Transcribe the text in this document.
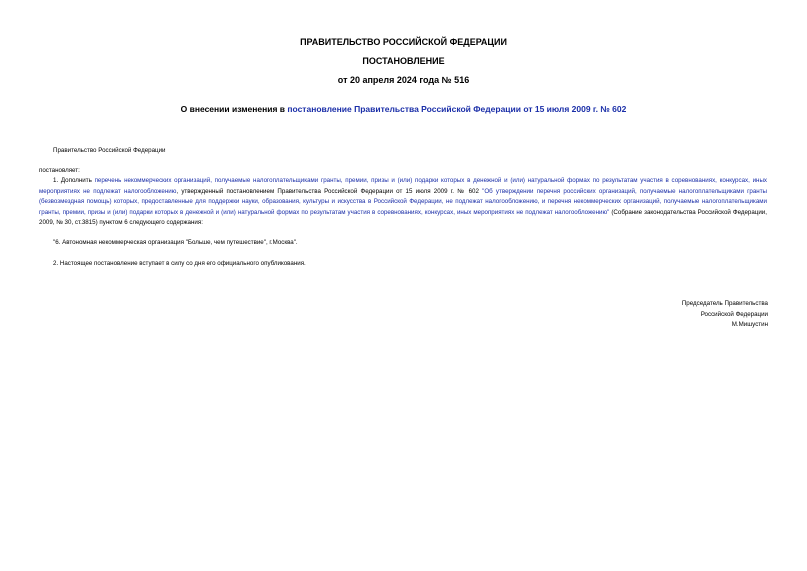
ПРАВИТЕЛЬСТВО РОССИЙСКОЙ ФЕДЕРАЦИИ
ПОСТАНОВЛЕНИЕ
от 20 апреля 2024 года № 516
О внесении изменения в постановление Правительства Российской Федерации от 15 июля 2009 г. № 602
Правительство Российской Федерации
постановляет:
1. Дополнить перечень некоммерческих организаций, получаемые налогоплательщиками гранты, премии, призы и (или) подарки которых в денежной и (или) натуральной формах по результатам участия в соревнованиях, конкурсах, иных мероприятиях не подлежат налогообложению, утвержденный постановлением Правительства Российской Федерации от 15 июля 2009 г. № 602 "Об утверждении перечня российских организаций, получаемые налогоплательщиками гранты (безвозмездная помощь) которых, предоставленные для поддержки науки, образования, культуры и искусства в Российской Федерации, не подлежат налогообложению, и перечня некоммерческих организаций, получаемые налогоплательщиками гранты, премии, призы и (или) подарки которых в денежной и (или) натуральной формах по результатам участия в соревнованиях, конкурсах, иных мероприятиях не подлежат налогообложению" (Собрание законодательства Российской Федерации, 2009, № 30, ст.3815) пунктом 6 следующего содержания:
"6. Автономная некоммерческая организация "Больше, чем путешествие", г.Москва".
2. Настоящее постановление вступает в силу со дня его официального опубликования.
Председатель Правительства
Российской Федерации
М.Мишустин
